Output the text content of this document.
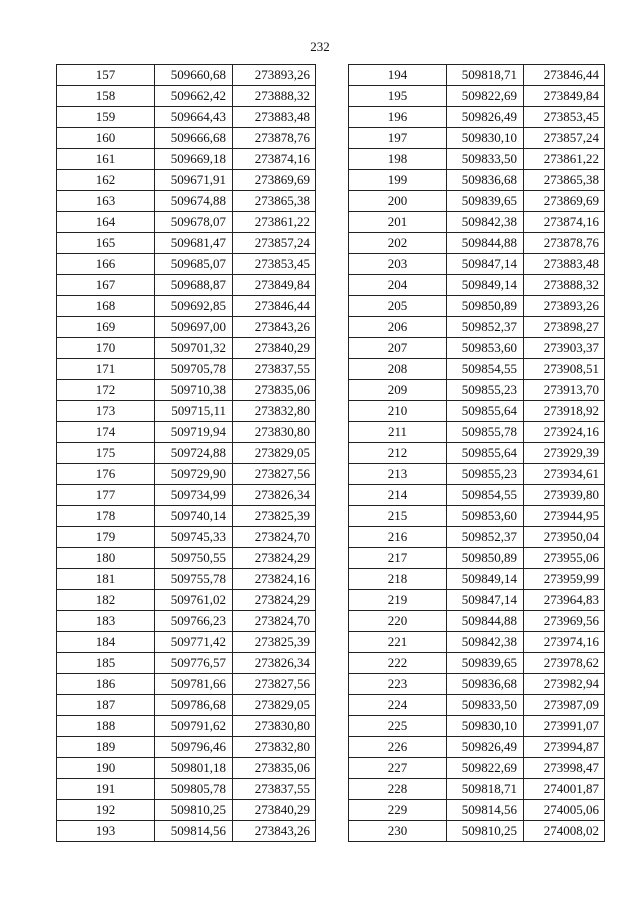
232
157	509660,68	273893,26
158	509662,42	273888,32
159	509664,43	273883,48
160	509666,68	273878,76
161	509669,18	273874,16
162	509671,91	273869,69
163	509674,88	273865,38
164	509678,07	273861,22
165	509681,47	273857,24
166	509685,07	273853,45
167	509688,87	273849,84
168	509692,85	273846,44
169	509697,00	273843,26
170	509701,32	273840,29
171	509705,78	273837,55
172	509710,38	273835,06
173	509715,11	273832,80
174	509719,94	273830,80
175	509724,88	273829,05
176	509729,90	273827,56
177	509734,99	273826,34
178	509740,14	273825,39
179	509745,33	273824,70
180	509750,55	273824,29
181	509755,78	273824,16
182	509761,02	273824,29
183	509766,23	273824,70
184	509771,42	273825,39
185	509776,57	273826,34
186	509781,66	273827,56
187	509786,68	273829,05
188	509791,62	273830,80
189	509796,46	273832,80
190	509801,18	273835,06
191	509805,78	273837,55
192	509810,25	273840,29
193	509814,56	273843,26
194	509818,71	273846,44
195	509822,69	273849,84
196	509826,49	273853,45
197	509830,10	273857,24
198	509833,50	273861,22
199	509836,68	273865,38
200	509839,65	273869,69
201	509842,38	273874,16
202	509844,88	273878,76
203	509847,14	273883,48
204	509849,14	273888,32
205	509850,89	273893,26
206	509852,37	273898,27
207	509853,60	273903,37
208	509854,55	273908,51
209	509855,23	273913,70
210	509855,64	273918,92
211	509855,78	273924,16
212	509855,64	273929,39
213	509855,23	273934,61
214	509854,55	273939,80
215	509853,60	273944,95
216	509852,37	273950,04
217	509850,89	273955,06
218	509849,14	273959,99
219	509847,14	273964,83
220	509844,88	273969,56
221	509842,38	273974,16
222	509839,65	273978,62
223	509836,68	273982,94
224	509833,50	273987,09
225	509830,10	273991,07
226	509826,49	273994,87
227	509822,69	273998,47
228	509818,71	274001,87
229	509814,56	274005,06
230	509810,25	274008,02
